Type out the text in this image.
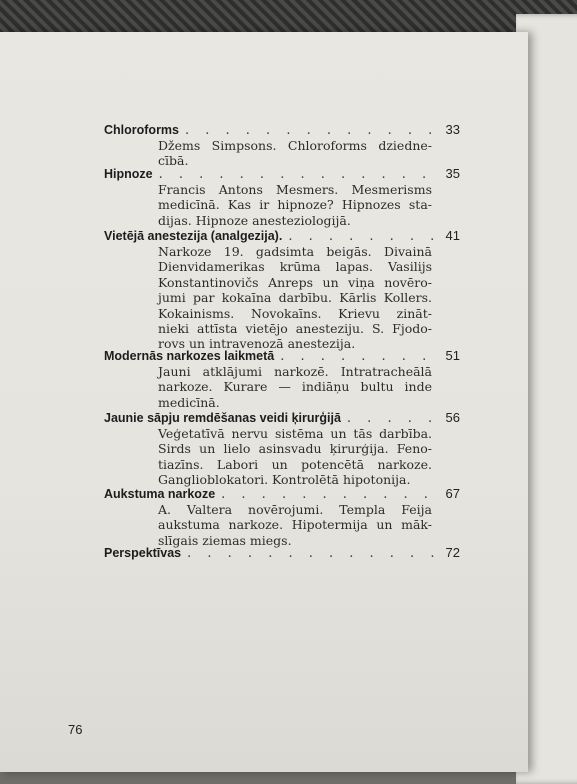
Chloroforms . . .	33
Džems Simpsons. Chloroforms dziedne-
cībā.
Hipnoze . . .	35
Francis Antons Mesmers. Mesmerisms
medicīnā. Kas ir hipnoze? Hipnozes sta-
dijas. Hipnoze anesteziologijā.
Vietējā anestezija (analgezija). . . .	41
Narkoze 19. gadsimta beigās. Divainā
Dienvidamerikas krūma lapas. Vasilijs
Konstantinovičs Anreps un viņa novēro-
jumi par kokaīna darbību. Kārlis Kollers.
Kokainisms. Novokaīns. Krievu zināt-
nieki attīsta vietējo anesteziju. S. Fjodo-
rovs un intravenozā anestezija.
Modernās narkozes laikmetā . . .	51
Jauni atklājumi narkozē. Intratracheālā
narkoze. Kurare — indiāņu bultu inde
medicīnā.
Jaunie sāpju remdēšanas veidi ķirurģijā . . .	56
Veģetatīvā nervu sistēma un tās darbība.
Sirds un lielo asinsvadu ķirurģija. Feno-
tiazīns. Labori un potencētā narkoze.
Ganglioblokatori. Kontrolētā hipotonija.
Aukstuma narkoze . . .	67
A. Valtera novērojumi. Templa Feija
aukstuma narkoze. Hipotermija un māk-
slīgais ziemas miegs.
Perspektīvas . . .	72
76
